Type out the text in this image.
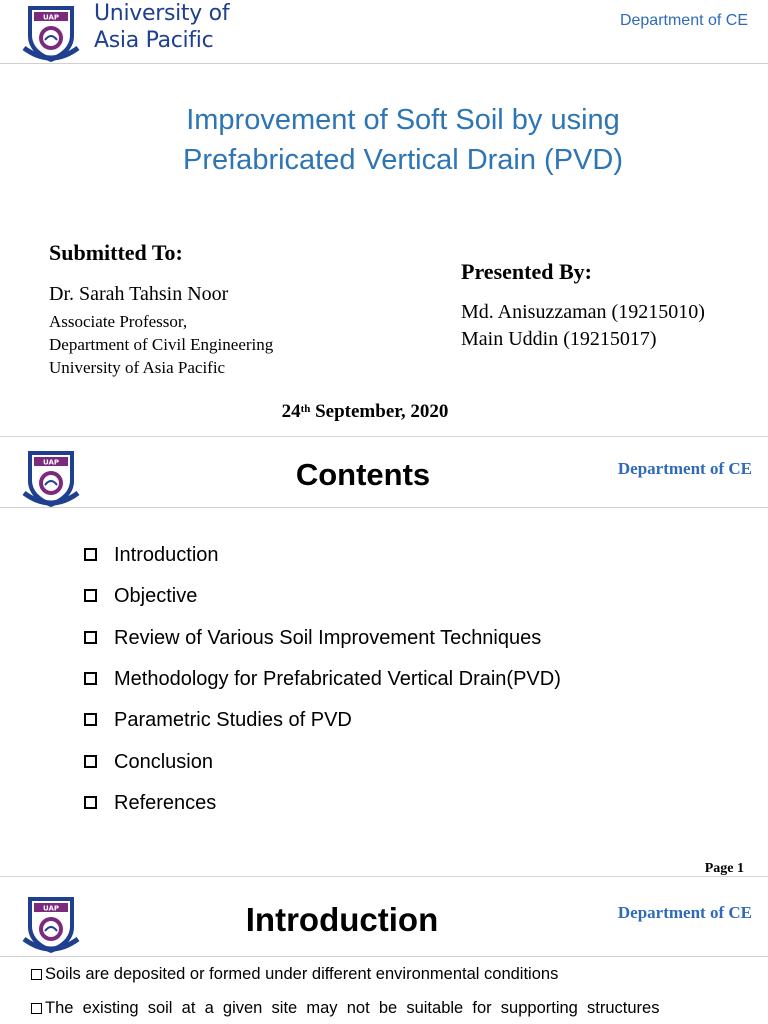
UAP University of
Asia Pacific
Department of CE
Improvement of Soft Soil by using
Prefabricated Vertical Drain (PVD)
Submitted To:
Dr. Sarah Tahsin Noor
Associate Professor,
Department of Civil Engineering
University of Asia Pacific
Presented By:
Md. Anisuzzaman (19215010)
Main Uddin (19215017)
24th September, 2020
UAP	Contents	Department of CE
Introduction
Objective
Review of Various Soil Improvement Techniques
Methodology for Prefabricated Vertical Drain(PVD)
Parametric Studies of PVD
Conclusion
References
Page 1
UAP	Introduction	Department of CE
Soils are deposited or formed under different environmental conditions
The  existing  soil  at  a  given  site  may  not  be  suitable  for  supporting  structures
